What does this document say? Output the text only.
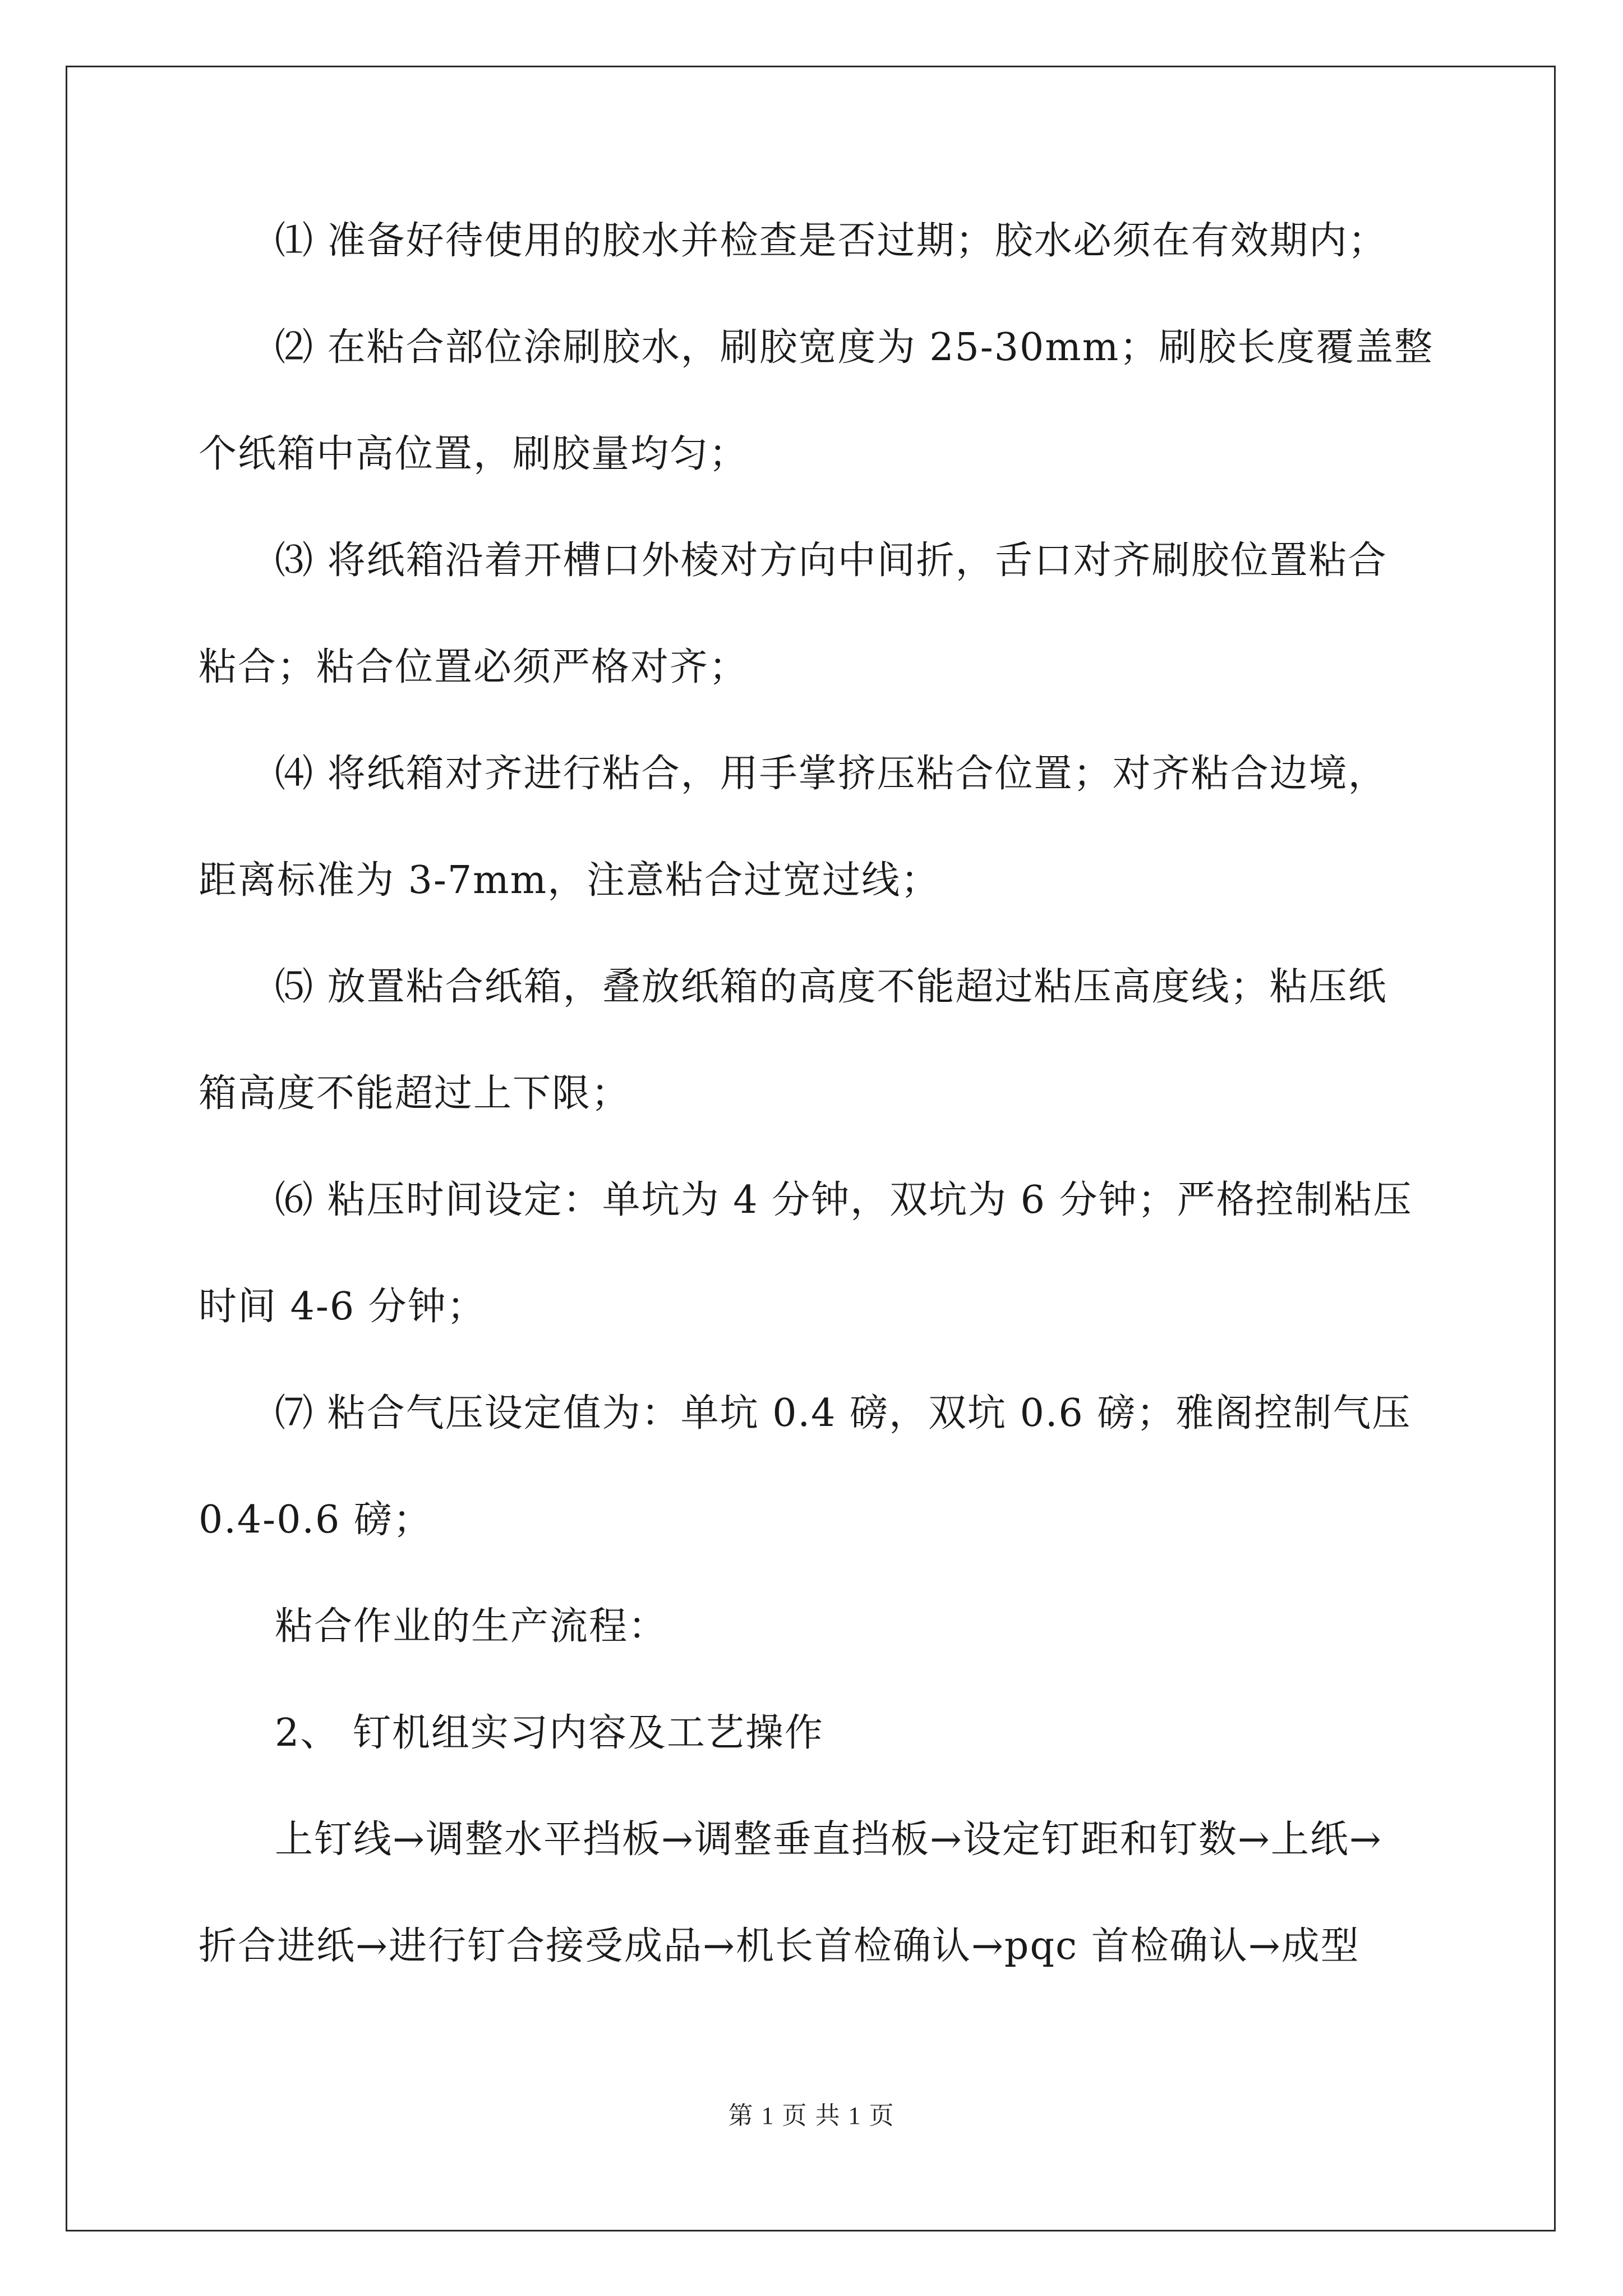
⑴ 准备好待使用的胶水并检查是否过期；胶水必须在有效期内；
⑵ 在粘合部位涂刷胶水，刷胶宽度为 25-30mm；刷胶长度覆盖整
个纸箱中高位置，刷胶量均匀；
⑶ 将纸箱沿着开槽口外棱对方向中间折，舌口对齐刷胶位置粘合
粘合；粘合位置必须严格对齐；
⑷ 将纸箱对齐进行粘合，用手掌挤压粘合位置；对齐粘合边境，
距离标准为 3-7mm，注意粘合过宽过线；
⑸ 放置粘合纸箱，叠放纸箱的高度不能超过粘压高度线；粘压纸
箱高度不能超过上下限；
⑹ 粘压时间设定：单坑为 4 分钟，双坑为 6 分钟；严格控制粘压
时间 4-6 分钟；
⑺ 粘合气压设定值为：单坑 0.4 磅，双坑 0.6 磅；雅阁控制气压
0.4-0.6 磅；
粘合作业的生产流程：
2、 钉机组实习内容及工艺操作
上钉线→调整水平挡板→调整垂直挡板→设定钉距和钉数→上纸→
折合进纸→进行钉合接受成品→机长首检确认→pqc 首检确认→成型
第 1 页 共 1 页
